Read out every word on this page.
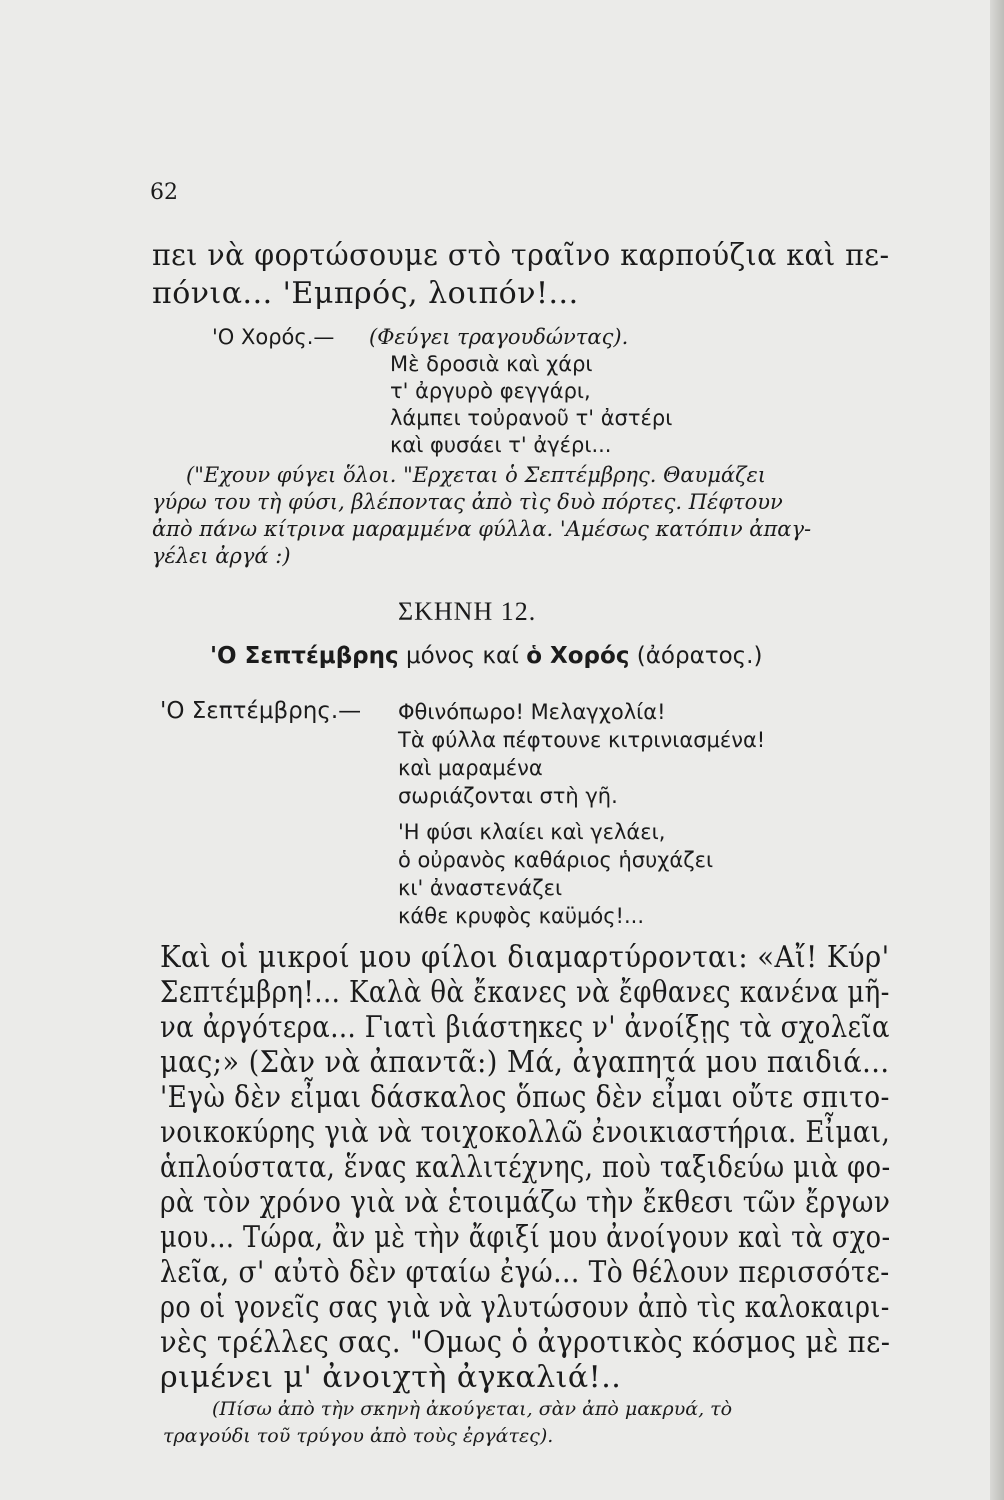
62
πει νὰ φορτώσουμε στὸ τραῖνο καρπούζια καὶ πε-
πόνια... 'Εμπρός, λοιπόν!...
'Ο Χορός.— (Φεύγει τραγουδώντας).
Μὲ δροσιὰ καὶ χάρι
τ' ἀργυρὸ φεγγάρι,
λάμπει τοὐρανοῦ τ' ἀστέρι
καὶ φυσάει τ' ἀγέρι...
("Εχουν φύγει ὅλοι. "Ερχεται ὁ Σεπτέμβρης. Θαυμάζει
γύρω του τὴ φύσι, βλέποντας ἀπὸ τὶς δυὸ πόρτες. Πέφτουν
ἀπὸ πάνω κίτρινα μαραμμένα φύλλα. 'Αμέσως κατόπιν ἀπαγ-
γέλει ἀργά :)
ΣΚΗΝΗ 12.
'Ο Σεπτέμβρης μόνος καί ὁ Χορός (ἀόρατος.)
'Ο Σεπτέμβρης.— Φθινόπωρο! Μελαγχολία!
Τὰ φύλλα πέφτουνε κιτρινιασμένα!
καὶ μαραμένα
σωριάζονται στὴ γῆ.
'Η φύσι κλαίει καὶ γελάει,
ὁ οὐρανὸς καθάριος ἡσυχάζει
κι' ἀναστενάζει
κάθε κρυφὸς καϋμός!...
Καὶ οἱ μικροί μου φίλοι διαμαρτύρονται: «Αἴ! Κύρ'
Σεπτέμβρη!... Καλὰ θὰ ἔκανες νὰ ἔφθανες κανένα μῆ-
να ἀργότερα... Γιατὶ βιάστηκες ν' ἀνοίξῃς τὰ σχολεῖα
μας;» (Σὰν νὰ ἀπαντᾶ:) Μά, ἀγαπητά μου παιδιά...
'Εγὼ δὲν εἶμαι δάσκαλος ὅπως δὲν εἶμαι οὔτε σπιτο-
νοικοκύρης γιὰ νὰ τοιχοκολλῶ ἐνοικιαστήρια. Εἶμαι,
ἁπλούστατα, ἕνας καλλιτέχνης, ποὺ ταξιδεύω μιὰ φο-
ρὰ τὸν χρόνο γιὰ νὰ ἑτοιμάζω τὴν ἔκθεσι τῶν ἔργων
μου... Τώρα, ἂν μὲ τὴν ἄφιξί μου ἀνοίγουν καὶ τὰ σχο-
λεῖα, σ' αὐτὸ δὲν φταίω ἐγώ... Τὸ θέλουν περισσότε-
ρο οἱ γονεῖς σας γιὰ νὰ γλυτώσουν ἀπὸ τὶς καλοκαιρι-
νὲς τρέλλες σας. "Ομως ὁ ἀγροτικὸς κόσμος μὲ πε-
ριμένει μ' ἀνοιχτὴ ἀγκαλιά!..
(Πίσω ἀπὸ τὴν σκηνὴ ἀκούγεται, σὰν ἀπὸ μακρυά, τὸ
τραγούδι τοῦ τρύγου ἀπὸ τοὺς ἐργάτες).
